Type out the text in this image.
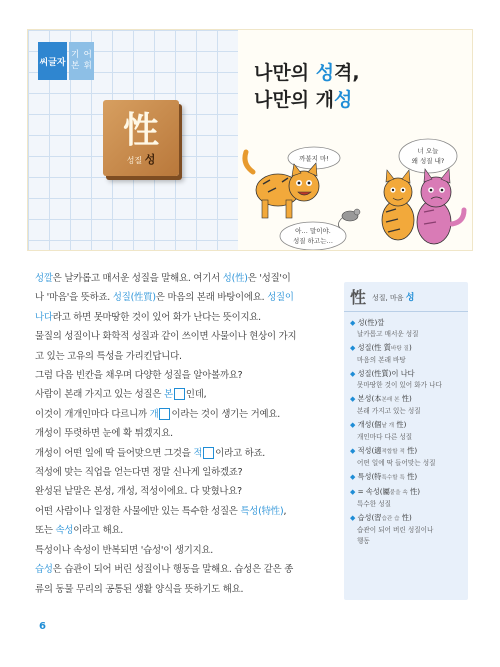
씨글자
기본

어휘
性
성질 성
나만의 성격,
나만의 개성
까불지 마!
너 오늘
왜 성질 내?
아… 말이야.
성질 하고는…
성깔은 날카롭고 매서운 성질을 말해요. 여기서 성(性)은 '성질'이
나 '마음'을 뜻하죠. 성질(性質)은 마음의 본래 바탕이에요. 성질이
나다라고 하면 못마땅한 것이 있어 화가 난다는 뜻이지요.
물질의 성질이나 화학적 성질과 같이 쓰이면 사물이나 현상이 가지
고 있는 고유의 특성을 가리킨답니다.
그럼 다음 빈칸을 채우며 다양한 성질을 알아볼까요?
사람이 본래 가지고 있는 성질은 본 인데,
이것이 개개인마다 다르니까 개 이라는 것이 생기는 거예요.
개성이 뚜렷하면 눈에 확 튀겠지요.
개성이 어떤 일에 딱 들어맞으면 그것을 적 이라고 하죠.
적성에 맞는 직업을 얻는다면 정말 신나게 일하겠죠?
완성된 낱말은 본성, 개성, 적성이에요. 다 맞혔나요?
어떤 사람이나 일정한 사물에만 있는 특수한 성질은 특성(特性),
또는 속성이라고 해요.
특성이나 속성이 반복되면 '습성'이 생기지요.
습성은 습관이 되어 버린 성질이나 행동을 말해요. 습성은 같은 종
류의 동물 무리의 공통된 생활 양식을 뜻하기도 해요.
性 성질, 마음 성
◆ 성(性)깔
날카롭고 매서운 성질
◆ 성질(性 質바탕 질)
마음의 본래 바탕
◆ 성질(性質)이 나다
못마땅한 것이 있어 화가 나다
◆ 본성(本본래 본 性)
본래 가지고 있는 성질
◆ 개성(個낱 개 性)
개인마다 다른 성질
◆ 적성(適적합할 적 性)
어떤 일에 딱 들어맞는 성질
◆ 특성(特특수할 특 性)
◆ = 속성(屬붙을 속 性)
특수한 성질
◆ 습성(習습관 습 性)
습관이 되어 버린 성질이나
행동
6
